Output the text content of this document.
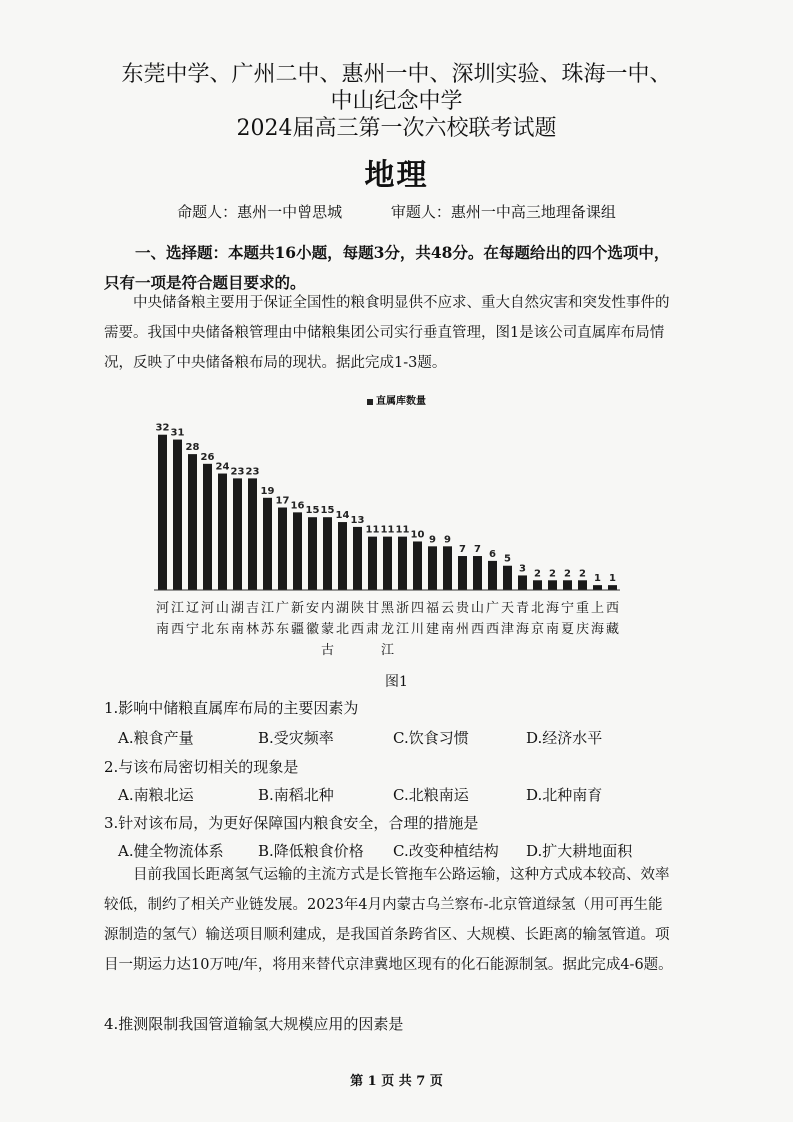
东莞中学、广州二中、惠州一中、深圳实验、珠海一中、
中山纪念中学
2024届高三第一次六校联考试题
地理
命题人：惠州一中曾思城	审题人：惠州一中高三地理备课组

一、选择题：本题共16小题，每题3分，共48分。在每题给出的四个选项中，只有一项是符合题目要求的。

中央储备粮主要用于保证全国性的粮食明显供不应求、重大自然灾害和突发性事件的需要。我国中央储备粮管理由中储粮集团公司实行垂直管理，图1是该公司直属库布局情况，反映了中央储备粮布局的现状。据此完成1-3题。

直属库数量
32 31
28
26
24 23 23
19
17 16 15 15 14 13
11 11 11 10 9 9
7 7 6 5
3 2 2 2 2 1 1
河
南
江
西
辽
宁
河
北
山
东
湖
南
吉
林
江
苏
广
东
新
疆
安
徽
内
蒙
古
湖
北
陕
西
甘
肃
黑
龙
江
浙
江
四
川
福
建
云
南
贵
州
山
西
广
西
天
津
青
海
北
京
海
南
宁
夏
重
庆
上
海
西
藏
图1
1.影响中储粮直属库布局的主要因素为
A.粮食产量	B.受灾频率	C.饮食习惯	D.经济水平
2.与该布局密切相关的现象是
A.南粮北运	B.南稻北种	C.北粮南运	D.北种南育
3.针对该布局，为更好保障国内粮食安全，合理的措施是
A.健全物流体系 B.降低粮食价格 C.改变种植结构 D.扩大耕地面积

目前我国长距离氢气运输的主流方式是长管拖车公路运输，这种方式成本较高、效率较低，制约了相关产业链发展。2023年4月内蒙古乌兰察布-北京管道绿氢（用可再生能源制造的氢气）输送项目顺利建成，是我国首条跨省区、大规模、长距离的输氢管道。项目一期运力达10万吨/年，将用来替代京津冀地区现有的化石能源制氢。据此完成4-6题。

4.推测限制我国管道输氢大规模应用的因素是
第 1 页 共 7 页
